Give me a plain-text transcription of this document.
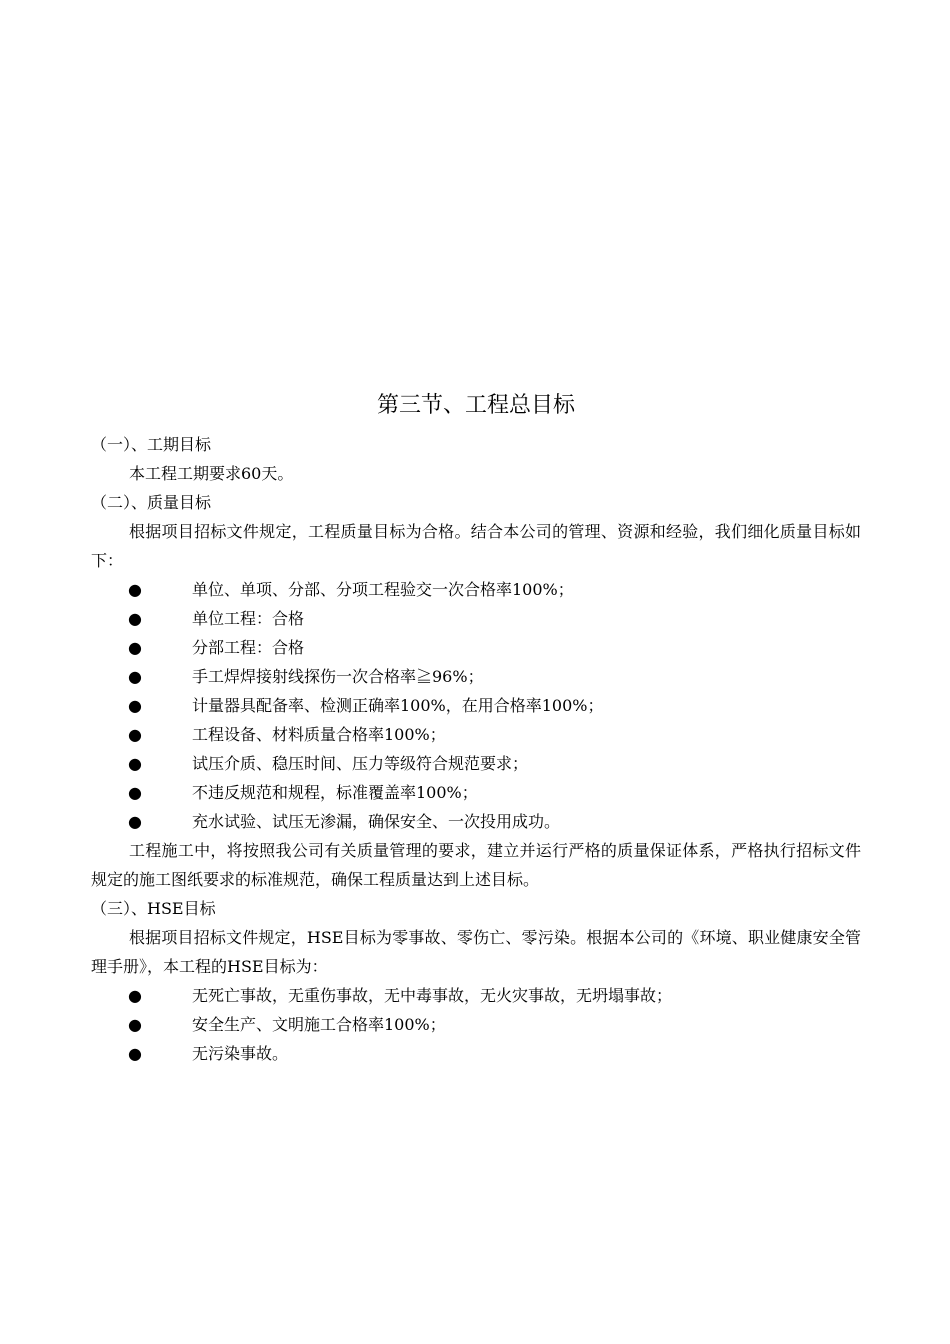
第三节、工程总目标

（一）、工期目标

本工程工期要求60天。

（二）、质量目标

根据项目招标文件规定，工程质量目标为合格。结合本公司的管理、资源和经验，我们细化质量目标如下：

●	单位、单项、分部、分项工程验交一次合格率100%；

●	单位工程：合格

●	分部工程：合格

●	手工焊焊接射线探伤一次合格率≧96%；

●	计量器具配备率、检测正确率100%，在用合格率100%；

●	工程设备、材料质量合格率100%；

●	试压介质、稳压时间、压力等级符合规范要求；

●	不违反规范和规程，标准覆盖率100%；

●	充水试验、试压无渗漏，确保安全、一次投用成功。

工程施工中，将按照我公司有关质量管理的要求，建立并运行严格的质量保证体系，严格执行招标文件规定的施工图纸要求的标准规范，确保工程质量达到上述目标。

（三）、HSE目标

根据项目招标文件规定，HSE目标为零事故、零伤亡、零污染。根据本公司的《环境、职业健康安全管理手册》，本工程的HSE目标为：

●	无死亡事故，无重伤事故，无中毒事故，无火灾事故，无坍塌事故；

●	安全生产、文明施工合格率100%；

●	无污染事故。
